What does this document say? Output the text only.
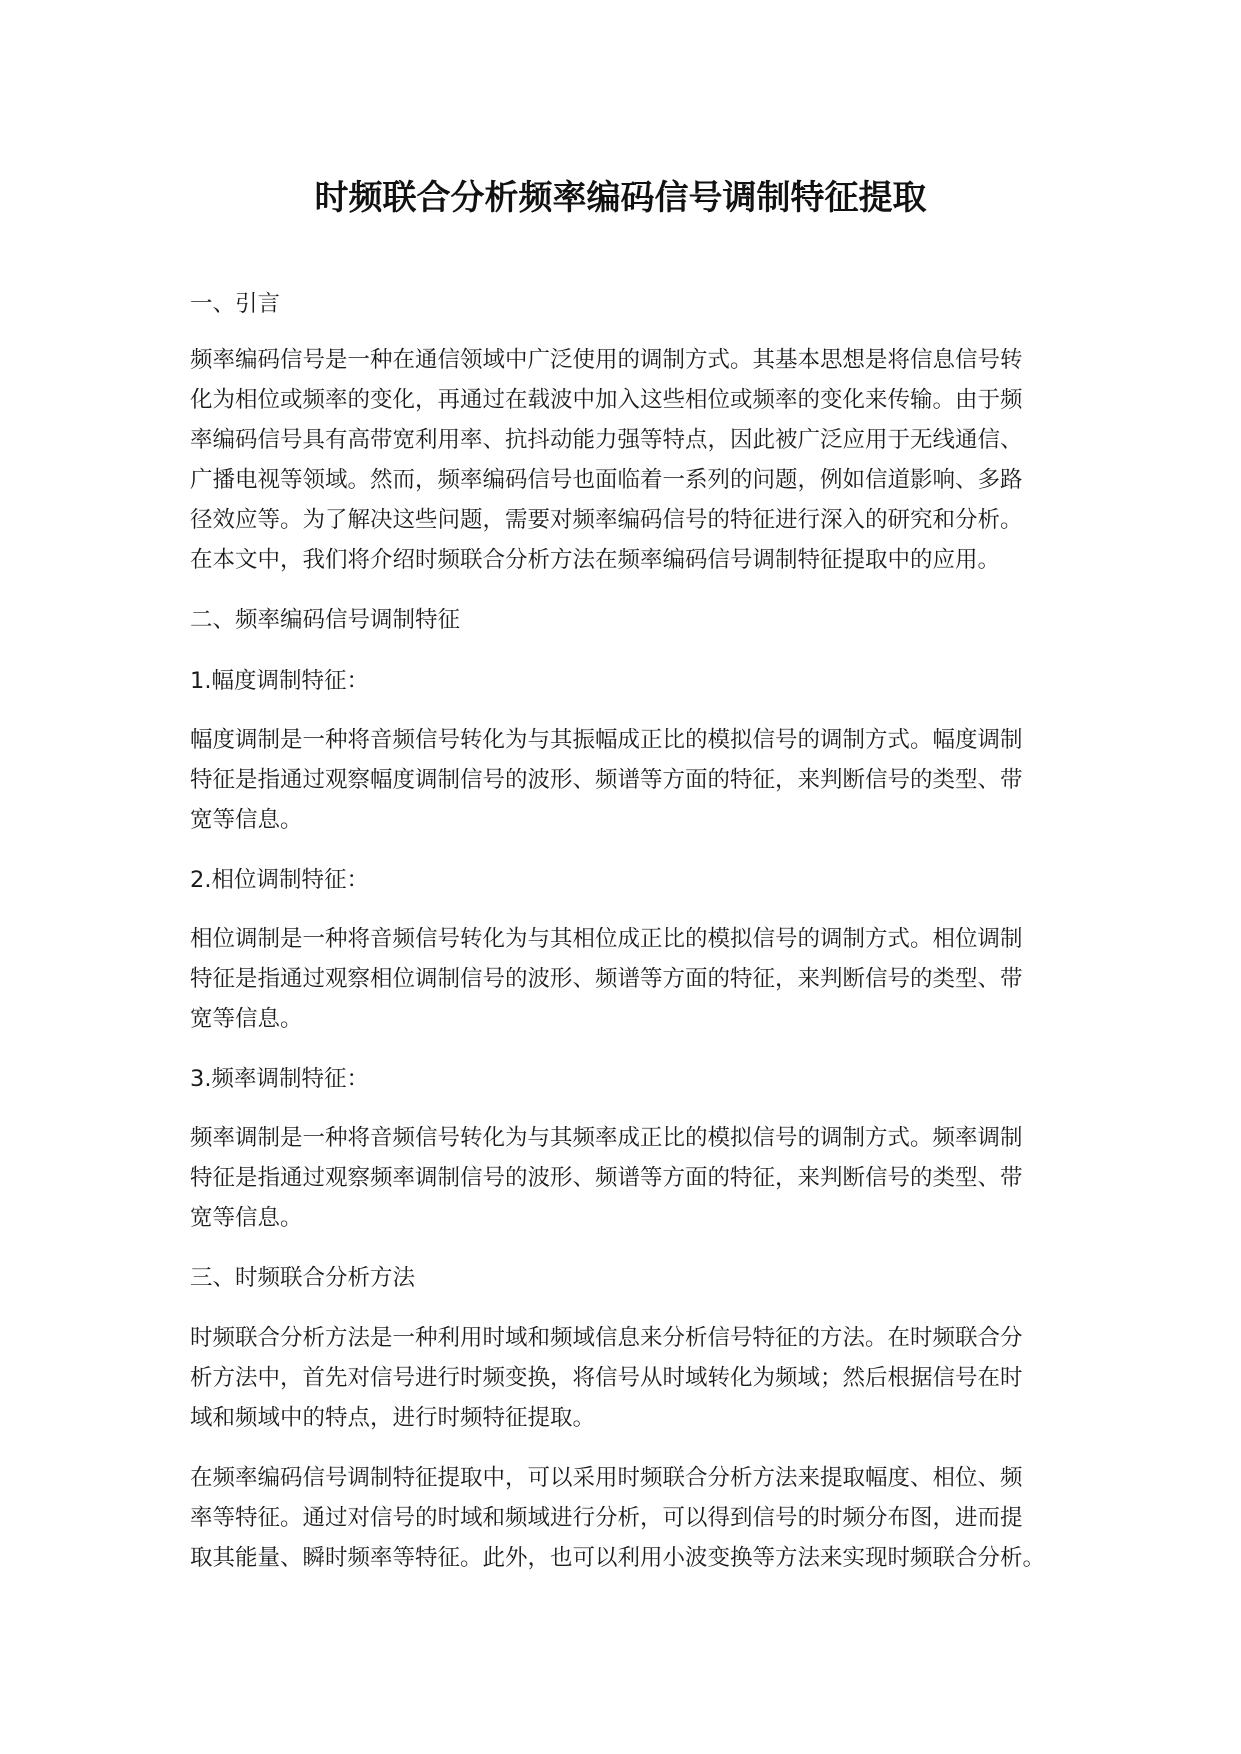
时频联合分析频率编码信号调制特征提取
一、引言
频率编码信号是一种在通信领域中广泛使用的调制方式。其基本思想是将信息信号转
化为相位或频率的变化，再通过在载波中加入这些相位或频率的变化来传输。由于频
率编码信号具有高带宽利用率、抗抖动能力强等特点，因此被广泛应用于无线通信、
广播电视等领域。然而，频率编码信号也面临着一系列的问题，例如信道影响、多路
径效应等。为了解决这些问题，需要对频率编码信号的特征进行深入的研究和分析。
在本文中，我们将介绍时频联合分析方法在频率编码信号调制特征提取中的应用。
二、频率编码信号调制特征
1.幅度调制特征：
幅度调制是一种将音频信号转化为与其振幅成正比的模拟信号的调制方式。幅度调制
特征是指通过观察幅度调制信号的波形、频谱等方面的特征，来判断信号的类型、带
宽等信息。
2.相位调制特征：
相位调制是一种将音频信号转化为与其相位成正比的模拟信号的调制方式。相位调制
特征是指通过观察相位调制信号的波形、频谱等方面的特征，来判断信号的类型、带
宽等信息。
3.频率调制特征：
频率调制是一种将音频信号转化为与其频率成正比的模拟信号的调制方式。频率调制
特征是指通过观察频率调制信号的波形、频谱等方面的特征，来判断信号的类型、带
宽等信息。
三、时频联合分析方法
时频联合分析方法是一种利用时域和频域信息来分析信号特征的方法。在时频联合分
析方法中，首先对信号进行时频变换，将信号从时域转化为频域；然后根据信号在时
域和频域中的特点，进行时频特征提取。
在频率编码信号调制特征提取中，可以采用时频联合分析方法来提取幅度、相位、频
率等特征。通过对信号的时域和频域进行分析，可以得到信号的时频分布图，进而提
取其能量、瞬时频率等特征。此外，也可以利用小波变换等方法来实现时频联合分析。
